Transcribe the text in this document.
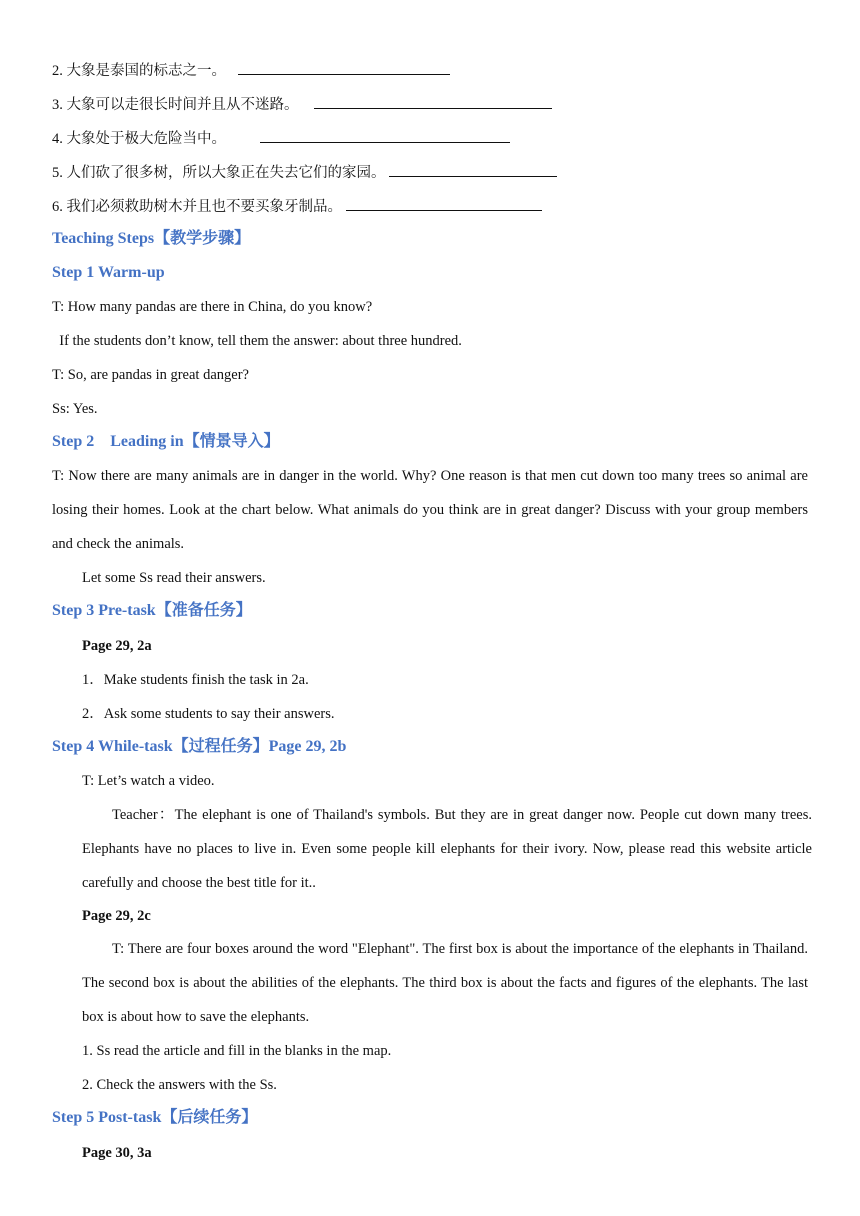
2. 大象是泰国的标志之一。
3. 大象可以走很长时间并且从不迷路。
4. 大象处于极大危险当中。
5. 人们砍了很多树，所以大象正在失去它们的家园。
6. 我们必须救助树木并且也不要买象牙制品。
Teaching Steps【教学步骤】
Step 1 Warm-up
T: How many pandas are there in China, do you know?
If the students don’t know, tell them the answer: about three hundred.
T: So, are pandas in great danger?
Ss: Yes.
Step 2    Leading in【情景导入】
T: Now there are many animals are in danger in the world. Why? One reason is that men cut down too many trees so animal are losing their homes. Look at the chart below. What animals do you think are in great danger? Discuss with your group members and check the animals.
Let some Ss read their answers.
Step 3 Pre-task【准备任务】
Page 29, 2a
1．Make students finish the task in 2a.
2．Ask some students to say their answers.
Step 4 While-task【过程任务】Page 29, 2b
T: Let’s watch a video.
Teacher：The elephant is one of Thailand's symbols. But they are in great danger now. People cut down many trees. Elephants have no places to live in. Even some people kill elephants for their ivory. Now, please read this website article carefully and choose the best title for it..
Page 29, 2c
T: There are four boxes around the word "Elephant". The first box is about the importance of the elephants in Thailand. The second box is about the abilities of the elephants. The third box is about the facts and figures of the elephants. The last box is about how to save the elephants.
1. Ss read the article and fill in the blanks in the map.
2. Check the answers with the Ss.
Step 5 Post-task【后续任务】
Page 30, 3a
